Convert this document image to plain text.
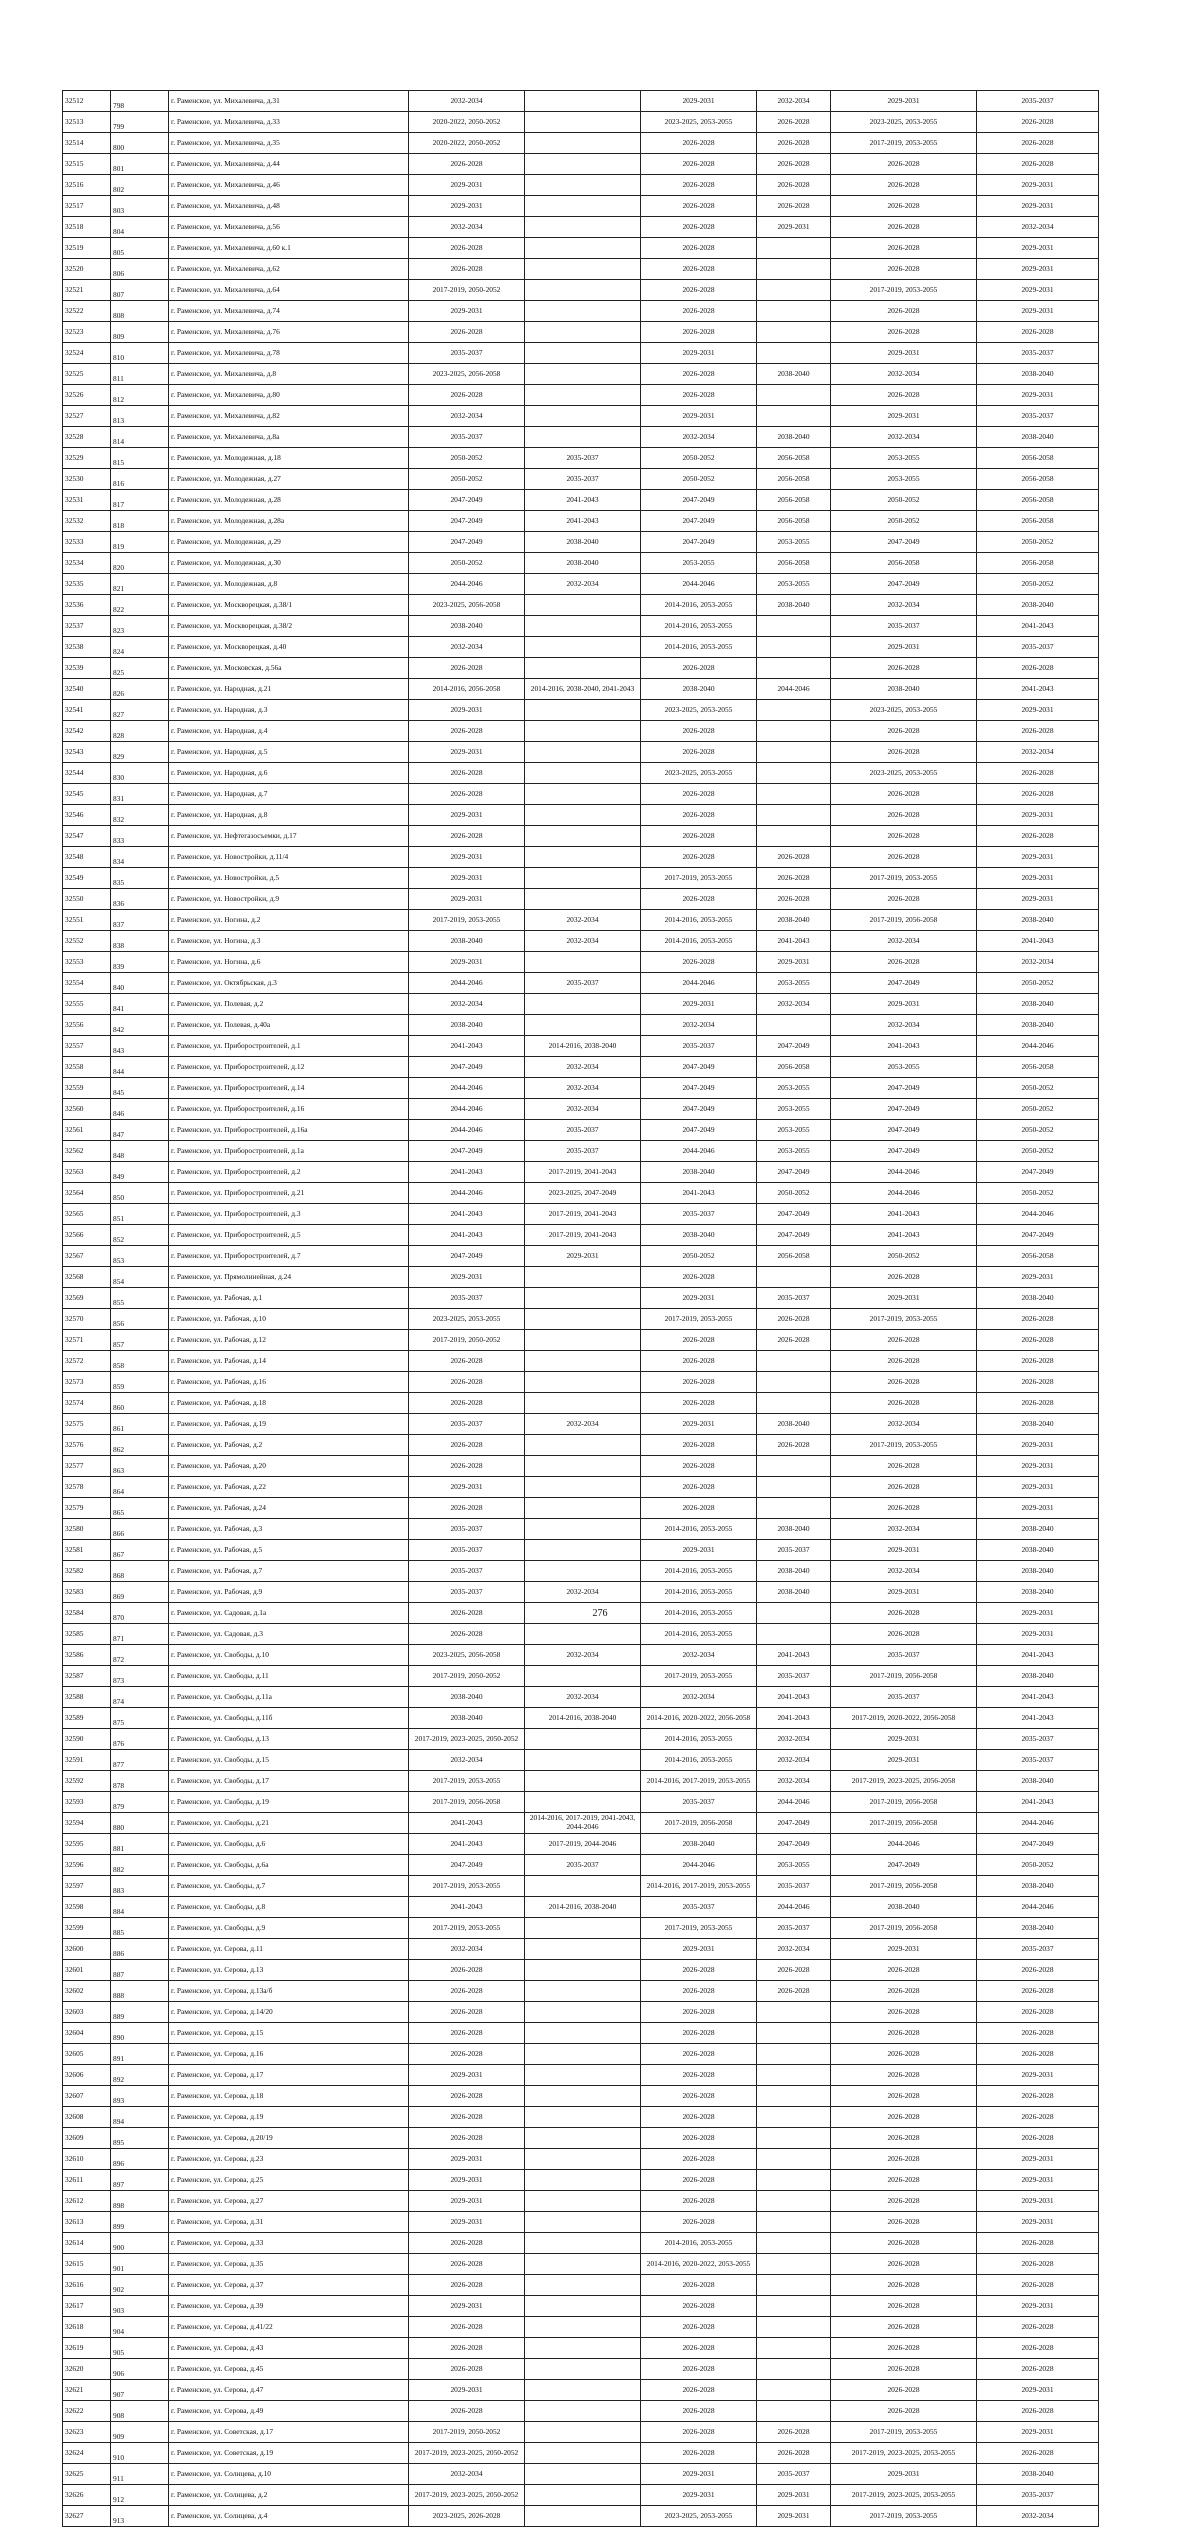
32512	798	г. Раменское, ул. Михалевича, д.31	2032-2034		2029-2031	2032-2034	2029-2031	2035-2037
32513	799	г. Раменское, ул. Михалевича, д.33	2020-2022, 2050-2052		2023-2025, 2053-2055	2026-2028	2023-2025, 2053-2055	2026-2028
32514	800	г. Раменское, ул. Михалевича, д.35	2020-2022, 2050-2052		2026-2028	2026-2028	2017-2019, 2053-2055	2026-2028
32515	801	г. Раменское, ул. Михалевича, д.44	2026-2028		2026-2028	2026-2028	2026-2028	2026-2028
32516	802	г. Раменское, ул. Михалевича, д.46	2029-2031		2026-2028	2026-2028	2026-2028	2029-2031
32517	803	г. Раменское, ул. Михалевича, д.48	2029-2031		2026-2028	2026-2028	2026-2028	2029-2031
32518	804	г. Раменское, ул. Михалевича, д.56	2032-2034		2026-2028	2029-2031	2026-2028	2032-2034
32519	805	г. Раменское, ул. Михалевича, д.60 к.1	2026-2028		2026-2028		2026-2028	2029-2031
32520	806	г. Раменское, ул. Михалевича, д.62	2026-2028		2026-2028		2026-2028	2029-2031
32521	807	г. Раменское, ул. Михалевича, д.64	2017-2019, 2050-2052		2026-2028		2017-2019, 2053-2055	2029-2031
32522	808	г. Раменское, ул. Михалевича, д.74	2029-2031		2026-2028		2026-2028	2029-2031
32523	809	г. Раменское, ул. Михалевича, д.76	2026-2028		2026-2028		2026-2028	2026-2028
32524	810	г. Раменское, ул. Михалевича, д.78	2035-2037		2029-2031		2029-2031	2035-2037
32525	811	г. Раменское, ул. Михалевича, д.8	2023-2025, 2056-2058		2026-2028	2038-2040	2032-2034	2038-2040
32526	812	г. Раменское, ул. Михалевича, д.80	2026-2028		2026-2028		2026-2028	2029-2031
32527	813	г. Раменское, ул. Михалевича, д.82	2032-2034		2029-2031		2029-2031	2035-2037
32528	814	г. Раменское, ул. Михалевича, д.8а	2035-2037		2032-2034	2038-2040	2032-2034	2038-2040
32529	815	г. Раменское, ул. Молодежная, д.18	2050-2052	2035-2037	2050-2052	2056-2058	2053-2055	2056-2058
32530	816	г. Раменское, ул. Молодежная, д.27	2050-2052	2035-2037	2050-2052	2056-2058	2053-2055	2056-2058
32531	817	г. Раменское, ул. Молодежная, д.28	2047-2049	2041-2043	2047-2049	2056-2058	2050-2052	2056-2058
32532	818	г. Раменское, ул. Молодежная, д.28а	2047-2049	2041-2043	2047-2049	2056-2058	2050-2052	2056-2058
32533	819	г. Раменское, ул. Молодежная, д.29	2047-2049	2038-2040	2047-2049	2053-2055	2047-2049	2050-2052
32534	820	г. Раменское, ул. Молодежная, д.30	2050-2052	2038-2040	2053-2055	2056-2058	2056-2058	2056-2058
32535	821	г. Раменское, ул. Молодежная, д.8	2044-2046	2032-2034	2044-2046	2053-2055	2047-2049	2050-2052
32536	822	г. Раменское, ул. Москворецкая, д.38/1	2023-2025, 2056-2058		2014-2016, 2053-2055	2038-2040	2032-2034	2038-2040
32537	823	г. Раменское, ул. Москворецкая, д.38/2	2038-2040		2014-2016, 2053-2055		2035-2037	2041-2043
32538	824	г. Раменское, ул. Москворецкая, д.40	2032-2034		2014-2016, 2053-2055		2029-2031	2035-2037
32539	825	г. Раменское, ул. Московская, д.56а	2026-2028		2026-2028		2026-2028	2026-2028
32540	826	г. Раменское, ул. Народная, д.21	2014-2016, 2056-2058	2014-2016, 2038-2040, 2041-2043	2038-2040	2044-2046	2038-2040	2041-2043
32541	827	г. Раменское, ул. Народная, д.3	2029-2031		2023-2025, 2053-2055		2023-2025, 2053-2055	2029-2031
32542	828	г. Раменское, ул. Народная, д.4	2026-2028		2026-2028		2026-2028	2026-2028
32543	829	г. Раменское, ул. Народная, д.5	2029-2031		2026-2028		2026-2028	2032-2034
32544	830	г. Раменское, ул. Народная, д.6	2026-2028		2023-2025, 2053-2055		2023-2025, 2053-2055	2026-2028
32545	831	г. Раменское, ул. Народная, д.7	2026-2028		2026-2028		2026-2028	2026-2028
32546	832	г. Раменское, ул. Народная, д.8	2029-2031		2026-2028		2026-2028	2029-2031
32547	833	г. Раменское, ул. Нефтегазосъемки, д.17	2026-2028		2026-2028		2026-2028	2026-2028
32548	834	г. Раменское, ул. Новостройки, д.11/4	2029-2031		2026-2028	2026-2028	2026-2028	2029-2031
32549	835	г. Раменское, ул. Новостройки, д.5	2029-2031		2017-2019, 2053-2055	2026-2028	2017-2019, 2053-2055	2029-2031
32550	836	г. Раменское, ул. Новостройки, д.9	2029-2031		2026-2028	2026-2028	2026-2028	2029-2031
32551	837	г. Раменское, ул. Ногина, д.2	2017-2019, 2053-2055	2032-2034	2014-2016, 2053-2055	2038-2040	2017-2019, 2056-2058	2038-2040
32552	838	г. Раменское, ул. Ногина, д.3	2038-2040	2032-2034	2014-2016, 2053-2055	2041-2043	2032-2034	2041-2043
32553	839	г. Раменское, ул. Ногина, д.6	2029-2031		2026-2028	2029-2031	2026-2028	2032-2034
32554	840	г. Раменское, ул. Октябрьская, д.3	2044-2046	2035-2037	2044-2046	2053-2055	2047-2049	2050-2052
32555	841	г. Раменское, ул. Полевая, д.2	2032-2034		2029-2031	2032-2034	2029-2031	2038-2040
32556	842	г. Раменское, ул. Полевая, д.40а	2038-2040		2032-2034		2032-2034	2038-2040
32557	843	г. Раменское, ул. Приборостроителей, д.1	2041-2043	2014-2016, 2038-2040	2035-2037	2047-2049	2041-2043	2044-2046
32558	844	г. Раменское, ул. Приборостроителей, д.12	2047-2049	2032-2034	2047-2049	2056-2058	2053-2055	2056-2058
32559	845	г. Раменское, ул. Приборостроителей, д.14	2044-2046	2032-2034	2047-2049	2053-2055	2047-2049	2050-2052
32560	846	г. Раменское, ул. Приборостроителей, д.16	2044-2046	2032-2034	2047-2049	2053-2055	2047-2049	2050-2052
32561	847	г. Раменское, ул. Приборостроителей, д.16а	2044-2046	2035-2037	2047-2049	2053-2055	2047-2049	2050-2052
32562	848	г. Раменское, ул. Приборостроителей, д.1а	2047-2049	2035-2037	2044-2046	2053-2055	2047-2049	2050-2052
32563	849	г. Раменское, ул. Приборостроителей, д.2	2041-2043	2017-2019, 2041-2043	2038-2040	2047-2049	2044-2046	2047-2049
32564	850	г. Раменское, ул. Приборостроителей, д.21	2044-2046	2023-2025, 2047-2049	2041-2043	2050-2052	2044-2046	2050-2052
32565	851	г. Раменское, ул. Приборостроителей, д.3	2041-2043	2017-2019, 2041-2043	2035-2037	2047-2049	2041-2043	2044-2046
32566	852	г. Раменское, ул. Приборостроителей, д.5	2041-2043	2017-2019, 2041-2043	2038-2040	2047-2049	2041-2043	2047-2049
32567	853	г. Раменское, ул. Приборостроителей, д.7	2047-2049	2029-2031	2050-2052	2056-2058	2050-2052	2056-2058
32568	854	г. Раменское, ул. Прямолинейная, д.24	2029-2031		2026-2028		2026-2028	2029-2031
32569	855	г. Раменское, ул. Рабочая, д.1	2035-2037		2029-2031	2035-2037	2029-2031	2038-2040
32570	856	г. Раменское, ул. Рабочая, д.10	2023-2025, 2053-2055		2017-2019, 2053-2055	2026-2028	2017-2019, 2053-2055	2026-2028
32571	857	г. Раменское, ул. Рабочая, д.12	2017-2019, 2050-2052		2026-2028	2026-2028	2026-2028	2026-2028
32572	858	г. Раменское, ул. Рабочая, д.14	2026-2028		2026-2028		2026-2028	2026-2028
32573	859	г. Раменское, ул. Рабочая, д.16	2026-2028		2026-2028		2026-2028	2026-2028
32574	860	г. Раменское, ул. Рабочая, д.18	2026-2028		2026-2028		2026-2028	2026-2028
32575	861	г. Раменское, ул. Рабочая, д.19	2035-2037	2032-2034	2029-2031	2038-2040	2032-2034	2038-2040
32576	862	г. Раменское, ул. Рабочая, д.2	2026-2028		2026-2028	2026-2028	2017-2019, 2053-2055	2029-2031
32577	863	г. Раменское, ул. Рабочая, д.20	2026-2028		2026-2028		2026-2028	2029-2031
32578	864	г. Раменское, ул. Рабочая, д.22	2029-2031		2026-2028		2026-2028	2029-2031
32579	865	г. Раменское, ул. Рабочая, д.24	2026-2028		2026-2028		2026-2028	2029-2031
32580	866	г. Раменское, ул. Рабочая, д.3	2035-2037		2014-2016, 2053-2055	2038-2040	2032-2034	2038-2040
32581	867	г. Раменское, ул. Рабочая, д.5	2035-2037		2029-2031	2035-2037	2029-2031	2038-2040
32582	868	г. Раменское, ул. Рабочая, д.7	2035-2037		2014-2016, 2053-2055	2038-2040	2032-2034	2038-2040
32583	869	г. Раменское, ул. Рабочая, д.9	2035-2037	2032-2034	2014-2016, 2053-2055	2038-2040	2029-2031	2038-2040
32584	870	г. Раменское, ул. Садовая, д.1а	2026-2028		2014-2016, 2053-2055		2026-2028	2029-2031
32585	871	г. Раменское, ул. Садовая, д.3	2026-2028		2014-2016, 2053-2055		2026-2028	2029-2031
32586	872	г. Раменское, ул. Свободы, д.10	2023-2025, 2056-2058	2032-2034	2032-2034	2041-2043	2035-2037	2041-2043
32587	873	г. Раменское, ул. Свободы, д.11	2017-2019, 2050-2052		2017-2019, 2053-2055	2035-2037	2017-2019, 2056-2058	2038-2040
32588	874	г. Раменское, ул. Свободы, д.11а	2038-2040	2032-2034	2032-2034	2041-2043	2035-2037	2041-2043
32589	875	г. Раменское, ул. Свободы, д.11б	2038-2040	2014-2016, 2038-2040	2014-2016, 2020-2022, 2056-2058	2041-2043	2017-2019, 2020-2022, 2056-2058	2041-2043
32590	876	г. Раменское, ул. Свободы, д.13	2017-2019, 2023-2025, 2050-2052		2014-2016, 2053-2055	2032-2034	2029-2031	2035-2037
32591	877	г. Раменское, ул. Свободы, д.15	2032-2034		2014-2016, 2053-2055	2032-2034	2029-2031	2035-2037
32592	878	г. Раменское, ул. Свободы, д.17	2017-2019, 2053-2055		2014-2016, 2017-2019, 2053-2055	2032-2034	2017-2019, 2023-2025, 2056-2058	2038-2040
32593	879	г. Раменское, ул. Свободы, д.19	2017-2019, 2056-2058		2035-2037	2044-2046	2017-2019, 2056-2058	2041-2043
32594	880	г. Раменское, ул. Свободы, д.21	2041-2043	2014-2016, 2017-2019, 2041-2043, 2044-2046	2017-2019, 2056-2058	2047-2049	2017-2019, 2056-2058	2044-2046
32595	881	г. Раменское, ул. Свободы, д.6	2041-2043	2017-2019, 2044-2046	2038-2040	2047-2049	2044-2046	2047-2049
32596	882	г. Раменское, ул. Свободы, д.6а	2047-2049	2035-2037	2044-2046	2053-2055	2047-2049	2050-2052
32597	883	г. Раменское, ул. Свободы, д.7	2017-2019, 2053-2055		2014-2016, 2017-2019, 2053-2055	2035-2037	2017-2019, 2056-2058	2038-2040
32598	884	г. Раменское, ул. Свободы, д.8	2041-2043	2014-2016, 2038-2040	2035-2037	2044-2046	2038-2040	2044-2046
32599	885	г. Раменское, ул. Свободы, д.9	2017-2019, 2053-2055		2017-2019, 2053-2055	2035-2037	2017-2019, 2056-2058	2038-2040
32600	886	г. Раменское, ул. Серова, д.11	2032-2034		2029-2031	2032-2034	2029-2031	2035-2037
32601	887	г. Раменское, ул. Серова, д.13	2026-2028		2026-2028	2026-2028	2026-2028	2026-2028
32602	888	г. Раменское, ул. Серова, д.13а/б	2026-2028		2026-2028	2026-2028	2026-2028	2026-2028
32603	889	г. Раменское, ул. Серова, д.14/20	2026-2028		2026-2028		2026-2028	2026-2028
32604	890	г. Раменское, ул. Серова, д.15	2026-2028		2026-2028		2026-2028	2026-2028
32605	891	г. Раменское, ул. Серова, д.16	2026-2028		2026-2028		2026-2028	2026-2028
32606	892	г. Раменское, ул. Серова, д.17	2029-2031		2026-2028		2026-2028	2029-2031
32607	893	г. Раменское, ул. Серова, д.18	2026-2028		2026-2028		2026-2028	2026-2028
32608	894	г. Раменское, ул. Серова, д.19	2026-2028		2026-2028		2026-2028	2026-2028
32609	895	г. Раменское, ул. Серова, д.20/19	2026-2028		2026-2028		2026-2028	2026-2028
32610	896	г. Раменское, ул. Серова, д.23	2029-2031		2026-2028		2026-2028	2029-2031
32611	897	г. Раменское, ул. Серова, д.25	2029-2031		2026-2028		2026-2028	2029-2031
32612	898	г. Раменское, ул. Серова, д.27	2029-2031		2026-2028		2026-2028	2029-2031
32613	899	г. Раменское, ул. Серова, д.31	2029-2031		2026-2028		2026-2028	2029-2031
32614	900	г. Раменское, ул. Серова, д.33	2026-2028		2014-2016, 2053-2055		2026-2028	2026-2028
32615	901	г. Раменское, ул. Серова, д.35	2026-2028		2014-2016, 2020-2022, 2053-2055		2026-2028	2026-2028
32616	902	г. Раменское, ул. Серова, д.37	2026-2028		2026-2028		2026-2028	2026-2028
32617	903	г. Раменское, ул. Серова, д.39	2029-2031		2026-2028		2026-2028	2029-2031
32618	904	г. Раменское, ул. Серова, д.41/22	2026-2028		2026-2028		2026-2028	2026-2028
32619	905	г. Раменское, ул. Серова, д.43	2026-2028		2026-2028		2026-2028	2026-2028
32620	906	г. Раменское, ул. Серова, д.45	2026-2028		2026-2028		2026-2028	2026-2028
32621	907	г. Раменское, ул. Серова, д.47	2029-2031		2026-2028		2026-2028	2029-2031
32622	908	г. Раменское, ул. Серова, д.49	2026-2028		2026-2028		2026-2028	2026-2028
32623	909	г. Раменское, ул. Советская, д.17	2017-2019, 2050-2052		2026-2028	2026-2028	2017-2019, 2053-2055	2029-2031
32624	910	г. Раменское, ул. Советская, д.19	2017-2019, 2023-2025, 2050-2052		2026-2028	2026-2028	2017-2019, 2023-2025, 2053-2055	2026-2028
32625	911	г. Раменское, ул. Солнцева, д.10	2032-2034		2029-2031	2035-2037	2029-2031	2038-2040
32626	912	г. Раменское, ул. Солнцева, д.2	2017-2019, 2023-2025, 2050-2052		2029-2031	2029-2031	2017-2019, 2023-2025, 2053-2055	2035-2037
32627	913	г. Раменское, ул. Солнцева, д.4	2023-2025, 2026-2028		2023-2025, 2053-2055	2029-2031	2017-2019, 2053-2055	2032-2034
276
